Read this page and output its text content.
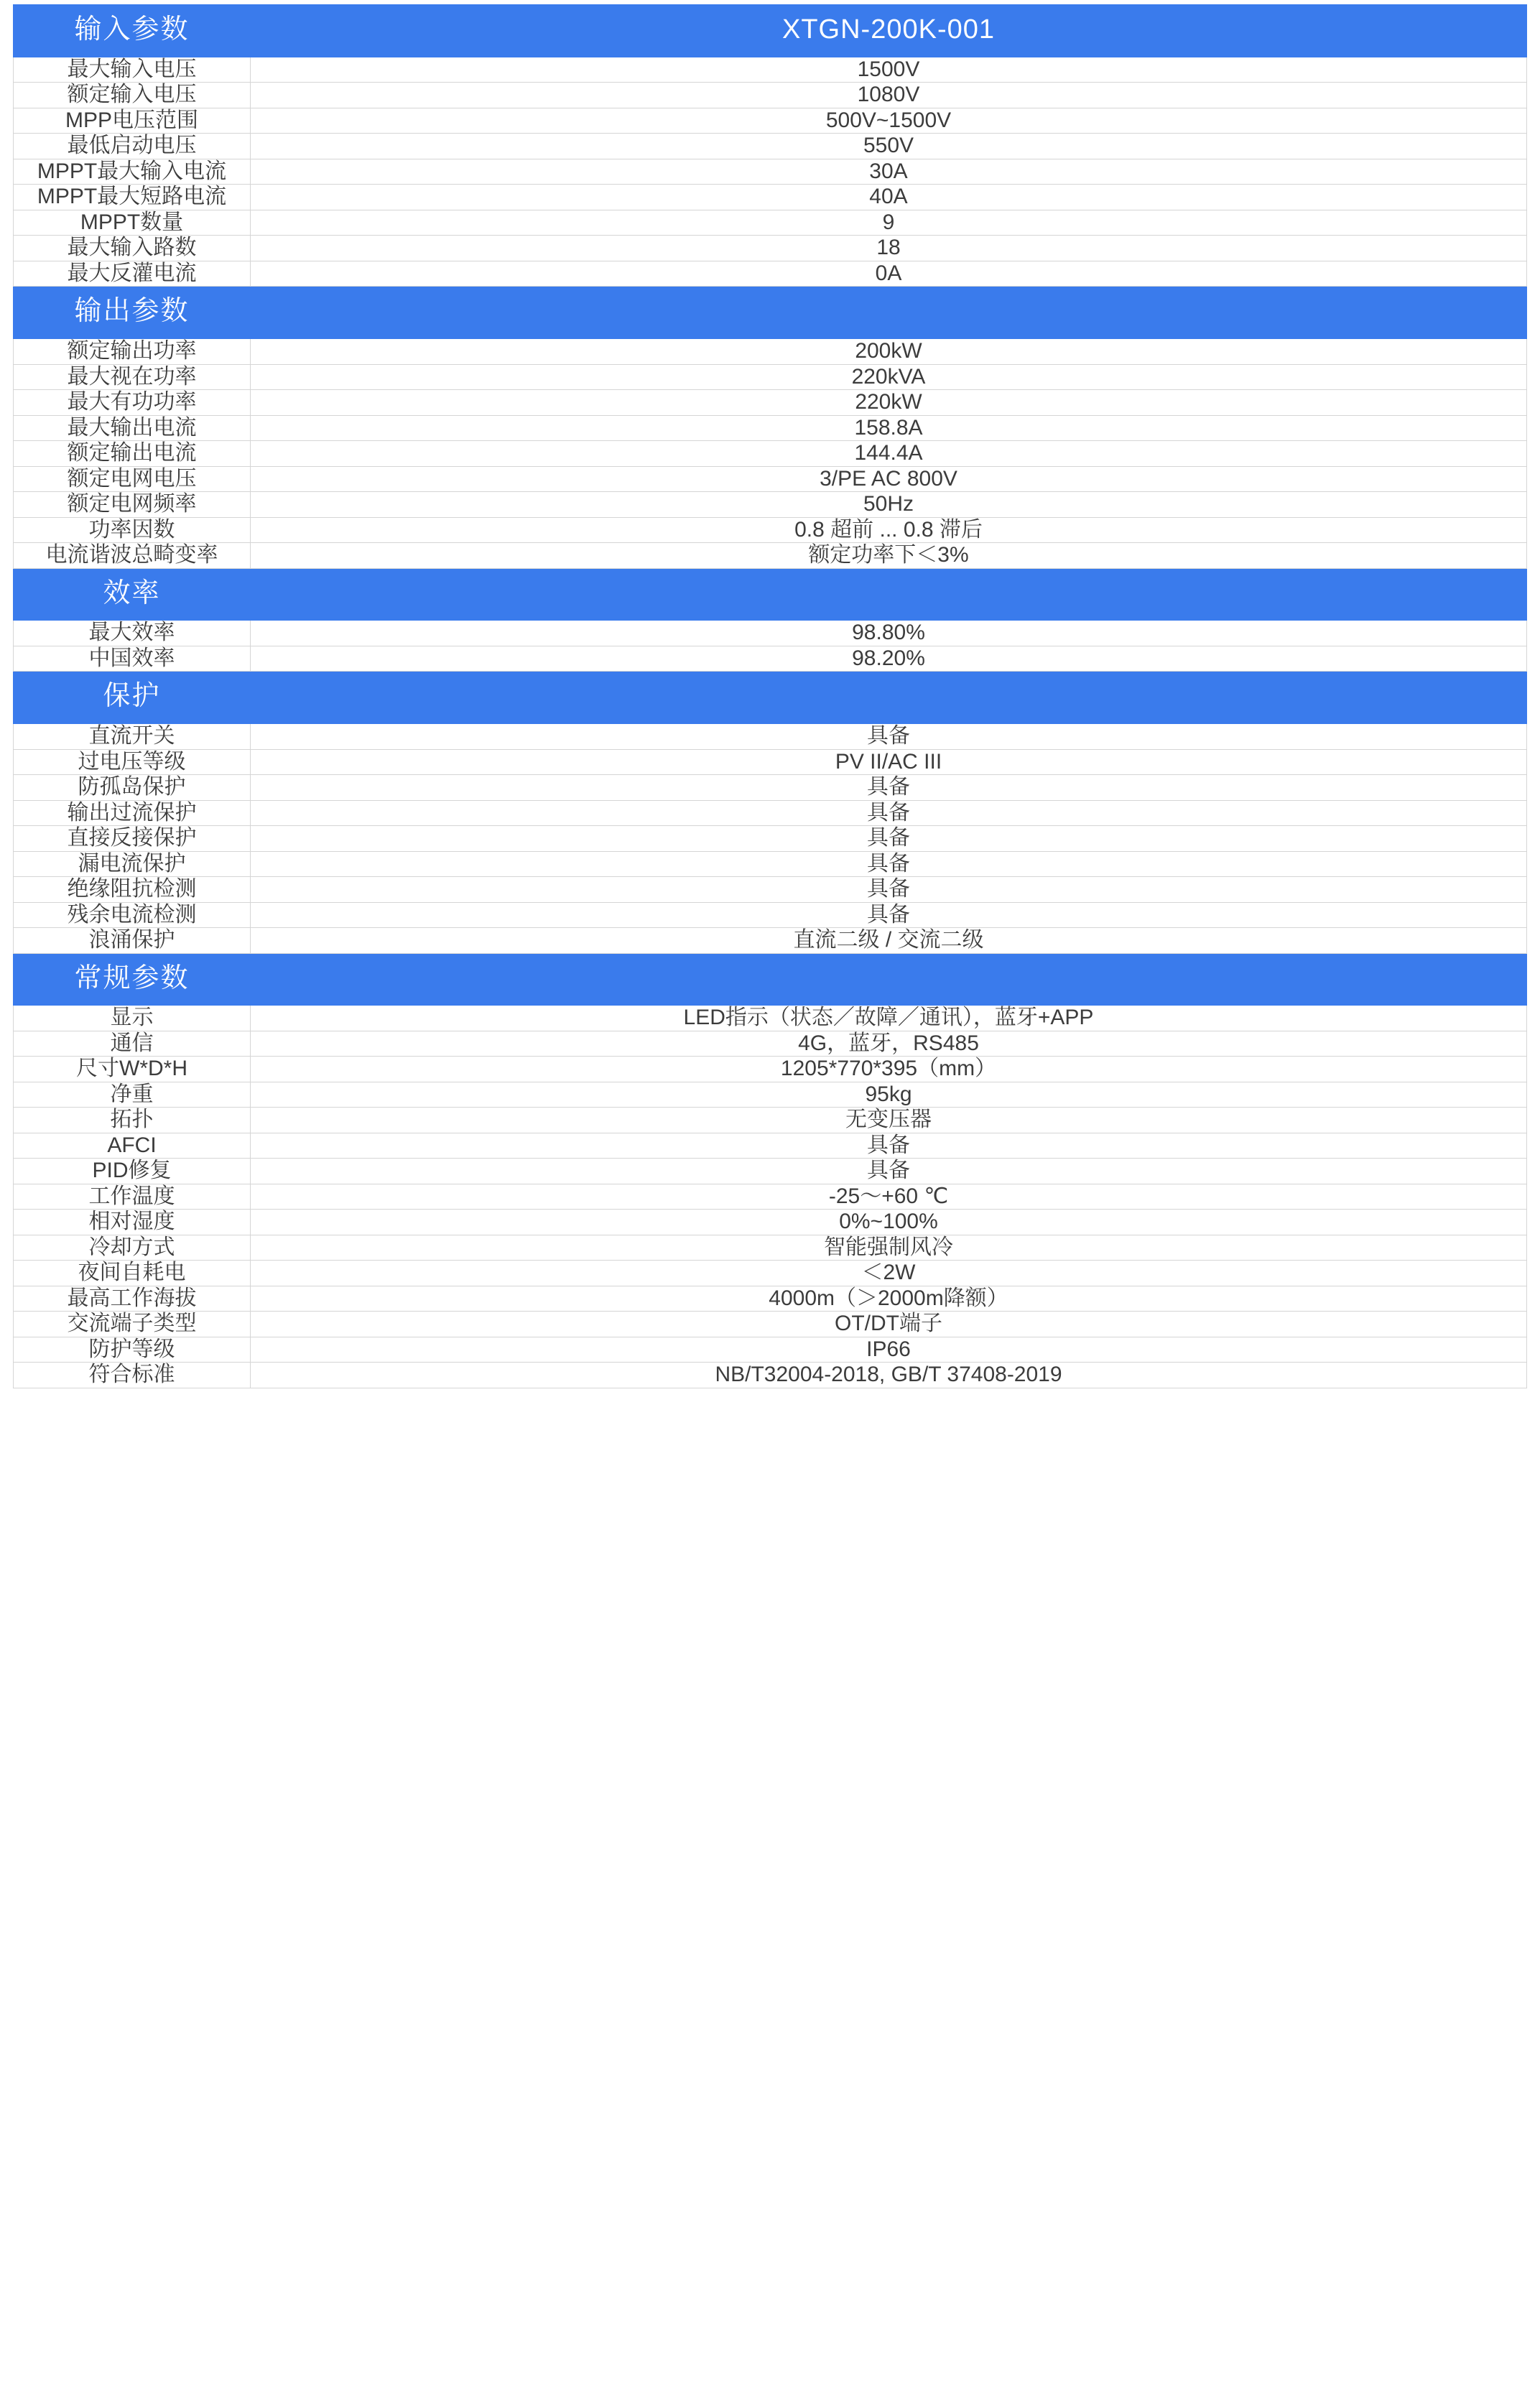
输入参数	XTGN-200K-001
最大输入电压	1500V
额定输入电压	1080V
MPP电压范围	500V~1500V
最低启动电压	550V
MPPT最大输入电流	30A
MPPT最大短路电流	40A
MPPT数量	9
最大输入路数	18
最大反灌电流	0A
输出参数	
额定输出功率	200kW
最大视在功率	220kVA
最大有功功率	220kW
最大输出电流	158.8A
额定输出电流	144.4A
额定电网电压	3/PE AC 800V
额定电网频率	50Hz
功率因数	0.8 超前 ... 0.8 滞后
电流谐波总畸变率	额定功率下＜3%
效率	
最大效率	98.80%
中国效率	98.20%
保护	
直流开关	具备
过电压等级	PV II/AC III
防孤岛保护	具备
输出过流保护	具备
直接反接保护	具备
漏电流保护	具备
绝缘阻抗检测	具备
残余电流检测	具备
浪涌保护	直流二级 / 交流二级
常规参数	
显示	LED指示（状态／故障／通讯），蓝牙+APP
通信	4G，蓝牙，RS485
尺寸W*D*H	1205*770*395（mm）
净重	95kg
拓扑	无变压器
AFCI	具备
PID修复	具备
工作温度	-25～+60 ℃
相对湿度	0%~100%
冷却方式	智能强制风冷
夜间自耗电	＜2W
最高工作海拔	4000m（＞2000m降额）
交流端子类型	OT/DT端子
防护等级	IP66
符合标准	NB/T32004-2018, GB/T 37408-2019
